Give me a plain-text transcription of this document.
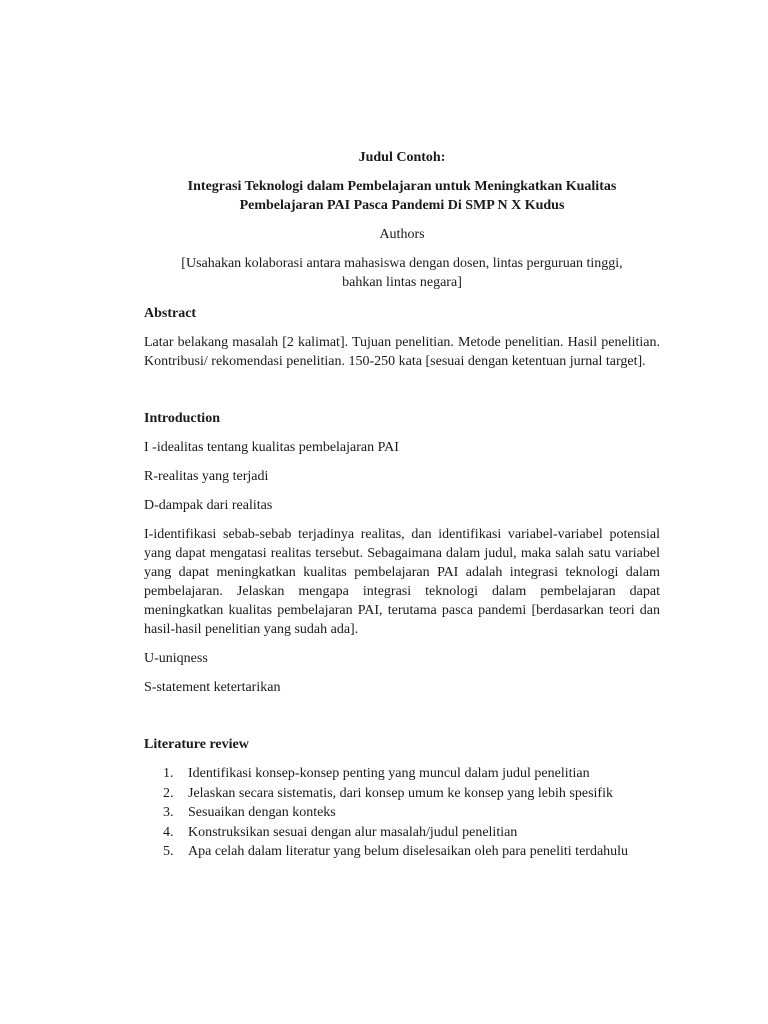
Judul Contoh:
Integrasi Teknologi dalam Pembelajaran untuk Meningkatkan Kualitas
Pembelajaran PAI Pasca Pandemi Di SMP N X Kudus
Authors
[Usahakan kolaborasi antara mahasiswa dengan dosen, lintas perguruan tinggi,
bahkan lintas negara]
Abstract

Latar belakang masalah [2 kalimat]. Tujuan penelitian. Metode penelitian. Hasil penelitian. Kontribusi/ rekomendasi penelitian. 150-250 kata [sesuai dengan ketentuan jurnal target].

Introduction

I -idealitas tentang kualitas pembelajaran PAI

R-realitas yang terjadi

D-dampak dari realitas

I-identifikasi sebab-sebab terjadinya realitas, dan identifikasi variabel-variabel potensial yang dapat mengatasi realitas tersebut. Sebagaimana dalam judul, maka salah satu variabel yang dapat meningkatkan kualitas pembelajaran PAI adalah integrasi teknologi dalam pembelajaran. Jelaskan mengapa integrasi teknologi dalam pembelajaran dapat meningkatkan kualitas pembelajaran PAI, terutama pasca pandemi [berdasarkan teori dan hasil-hasil penelitian yang sudah ada].

U-uniqness

S-statement ketertarikan

Literature review
1. Identifikasi konsep-konsep penting yang muncul dalam judul penelitian
2. Jelaskan secara sistematis, dari konsep umum ke konsep yang lebih spesifik
3. Sesuaikan dengan konteks
4. Konstruksikan sesuai dengan alur masalah/judul penelitian
5. Apa celah dalam literatur yang belum diselesaikan oleh para peneliti terdahulu
